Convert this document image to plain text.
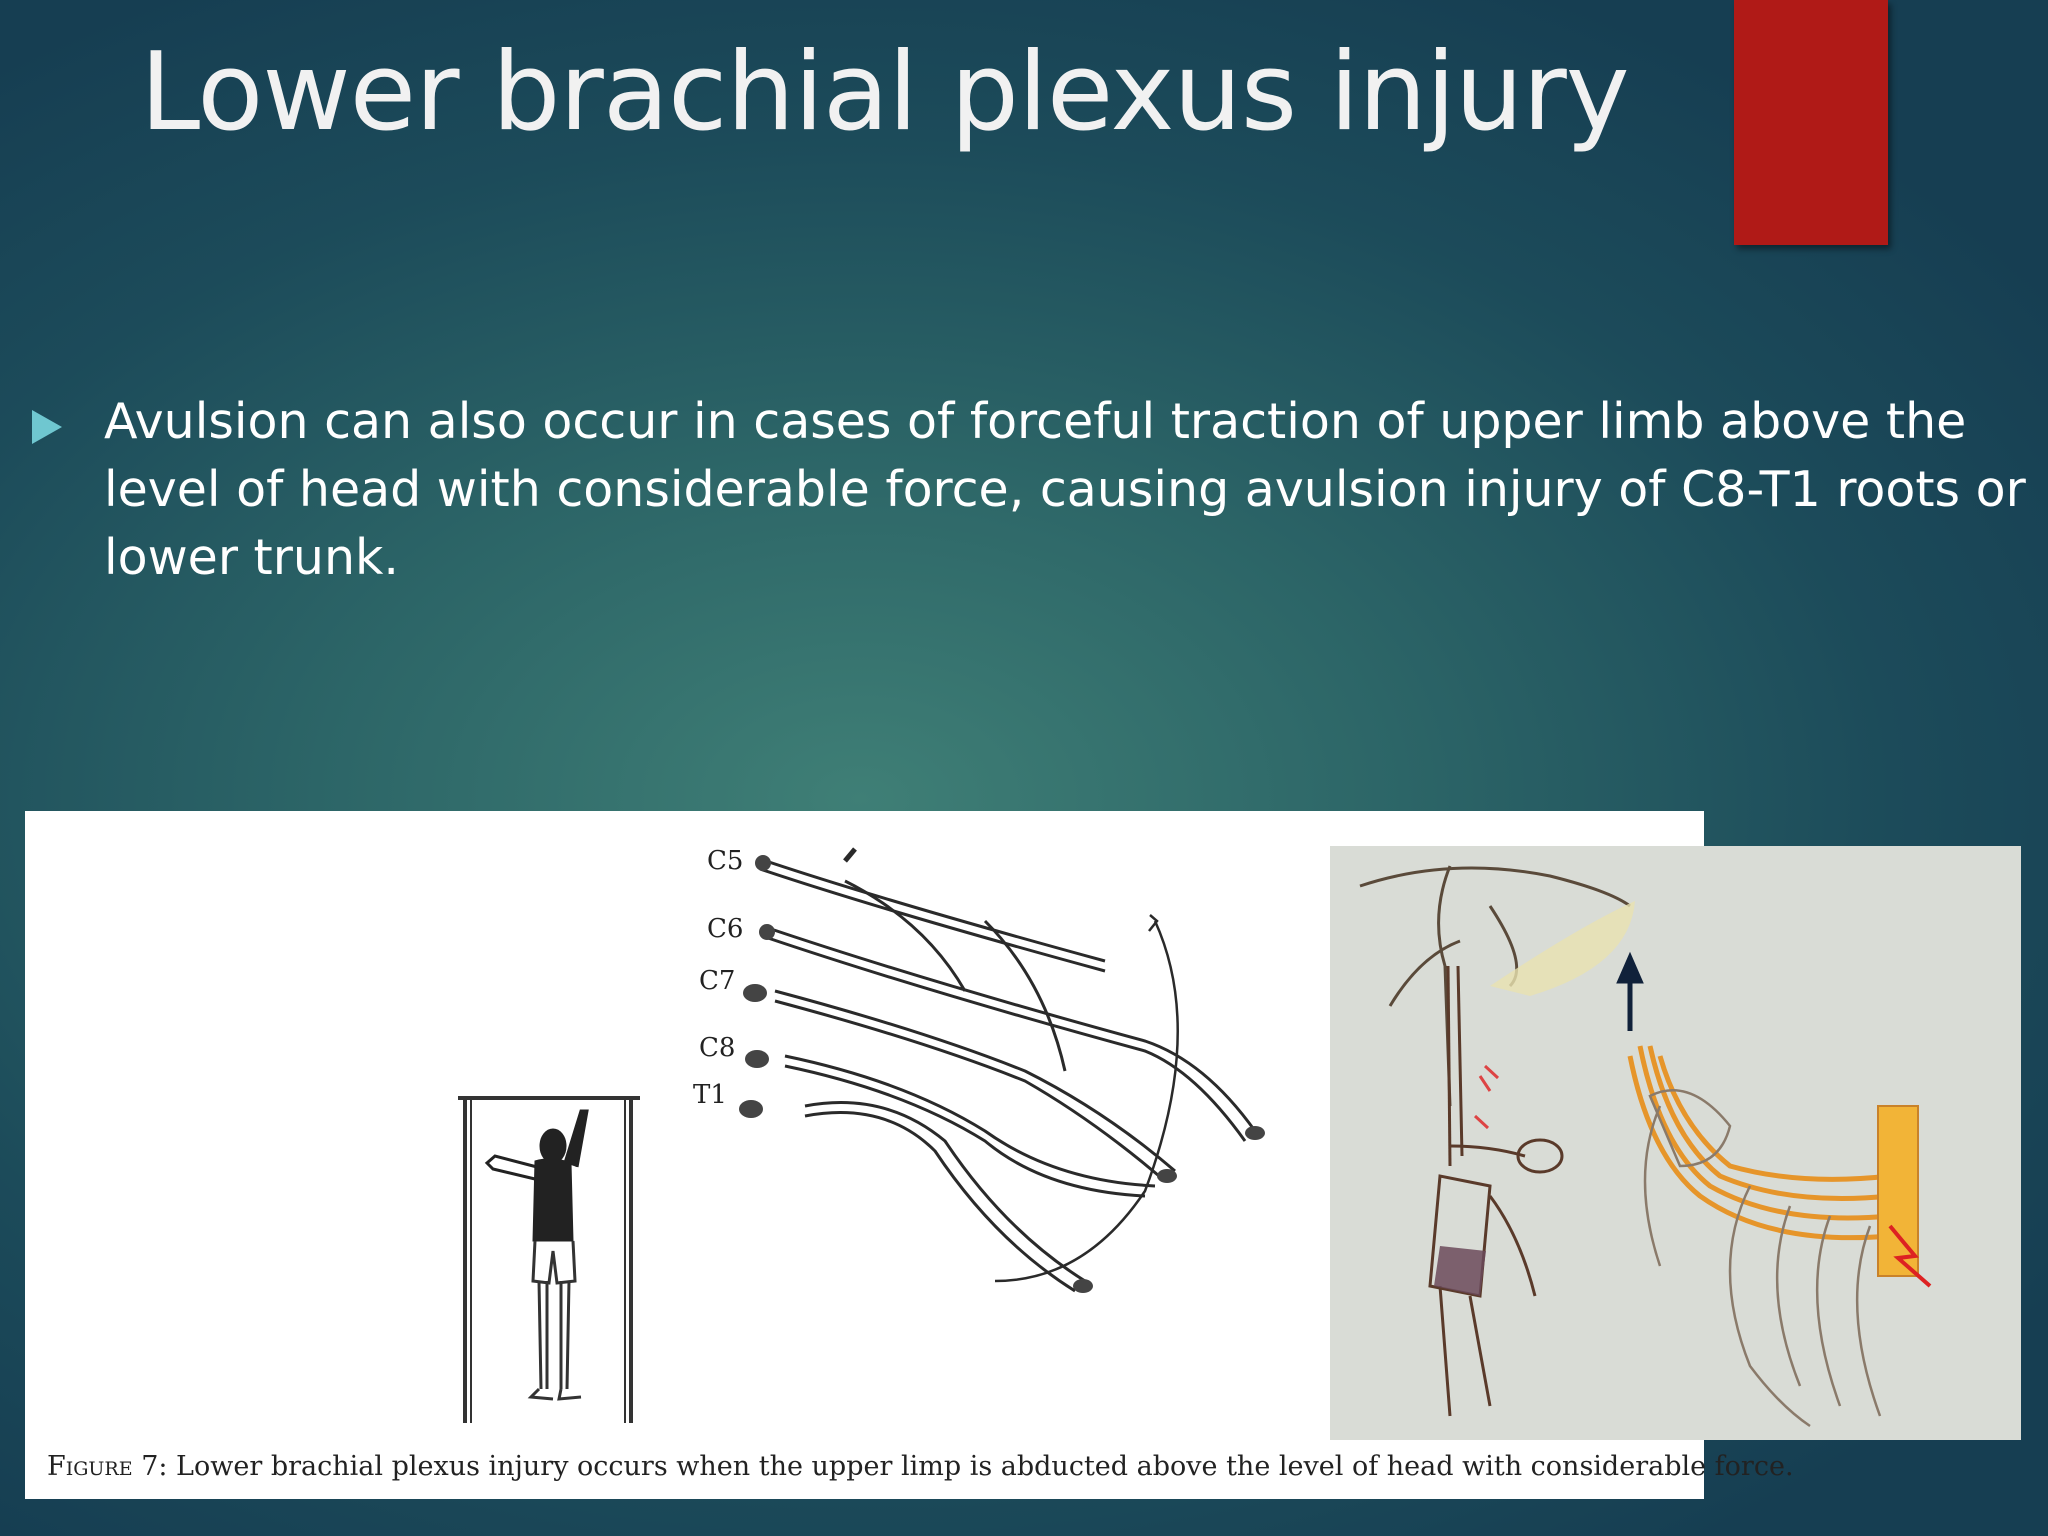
Lower brachial plexus injury

Avulsion can also occur in cases of forceful traction of upper limb above the level of head with considerable force, causing avulsion injury of C8-T1 roots or lower trunk.

C5
C6
C7
C8
T1

Figure 7: Lower brachial plexus injury occurs when the upper limp is abducted above the level of head with considerable force.
